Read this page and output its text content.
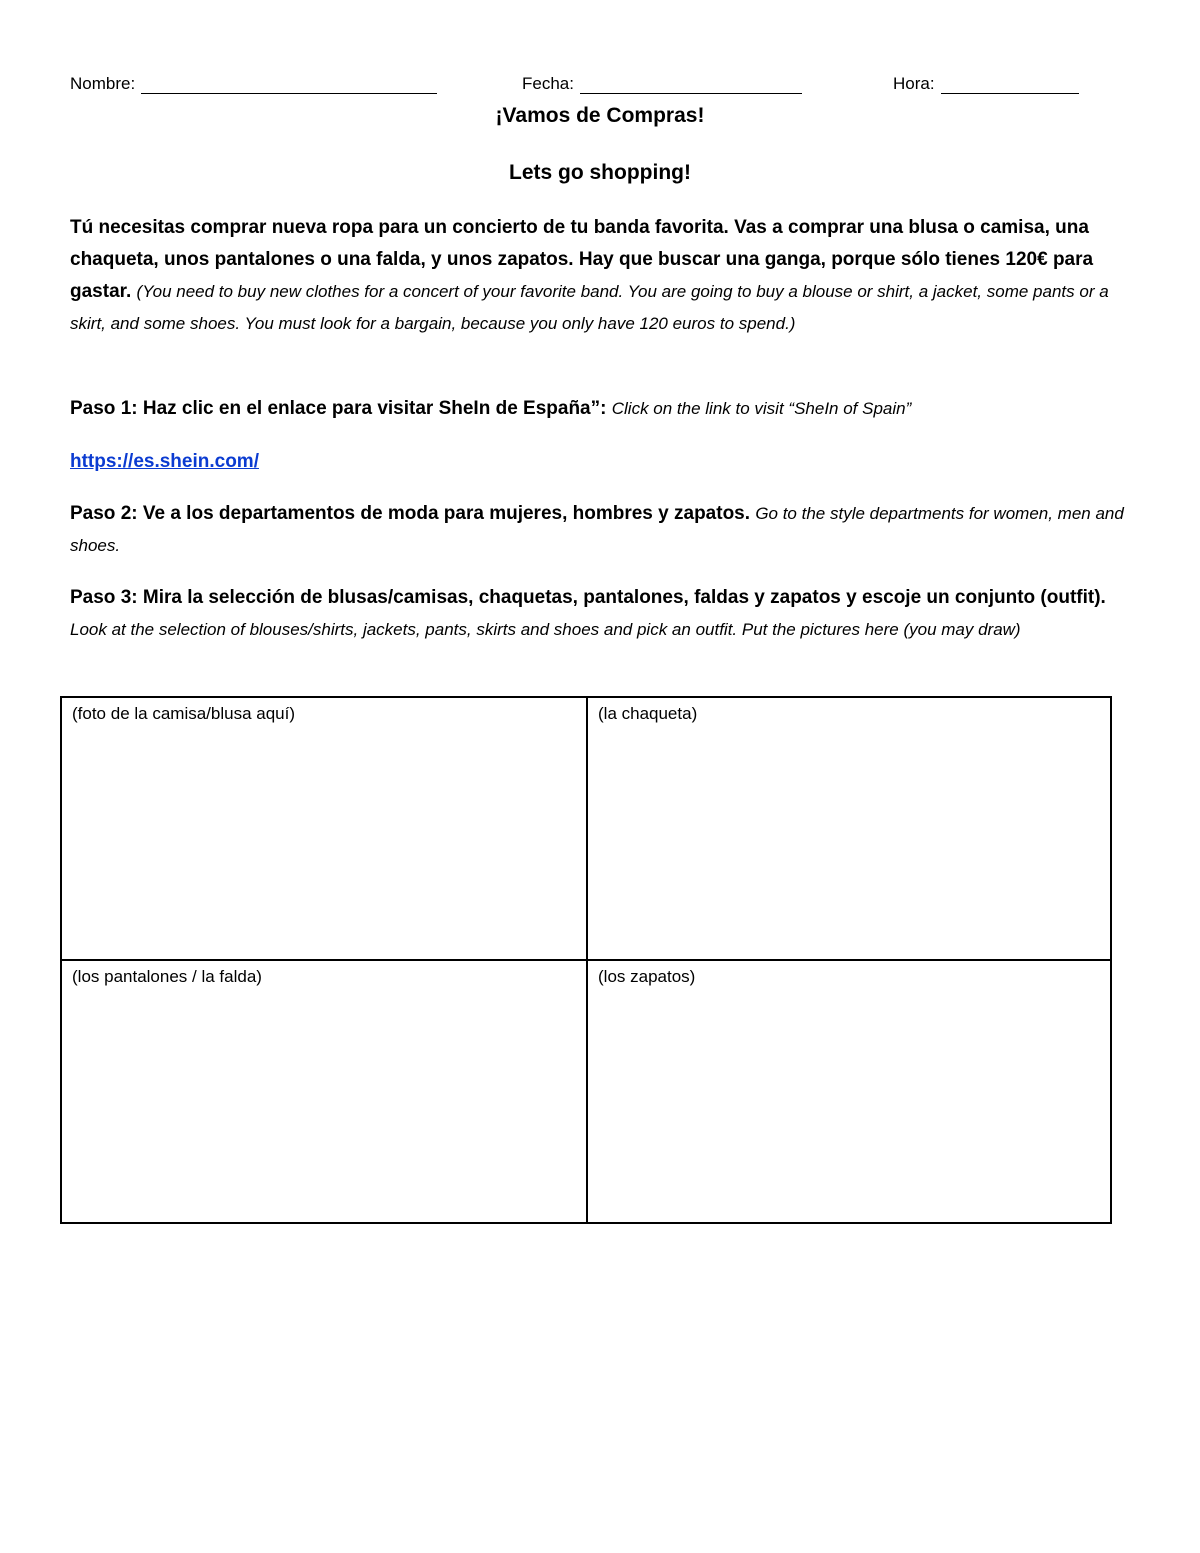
Nombre:	Fecha:	Hora:
¡Vamos de Compras!
Lets go shopping!
Tú necesitas comprar nueva ropa para un concierto de tu banda favorita. Vas a comprar una blusa o camisa, una chaqueta, unos pantalones o una falda, y unos zapatos. Hay que buscar una ganga, porque sólo tienes 120€ para gastar. (You need to buy new clothes for a concert of your favorite band. You are going to buy a blouse or shirt, a jacket, some pants or a skirt, and some shoes. You must look for a bargain, because you only have 120 euros to spend.)
Paso 1: Haz clic en el enlace para visitar SheIn de España”: Click on the link to visit “SheIn of Spain”
https://es.shein.com/
Paso 2: Ve a los departamentos de moda para mujeres, hombres y zapatos. Go to the style departments for women, men and shoes.
Paso 3: Mira la selección de blusas/camisas, chaquetas, pantalones, faldas y zapatos y escoje un conjunto (outfit). Look at the selection of blouses/shirts, jackets, pants, skirts and shoes and pick an outfit. Put the pictures here (you may draw)
(foto de la camisa/blusa aquí)	(la chaqueta)
(los pantalones / la falda)	(los zapatos)
